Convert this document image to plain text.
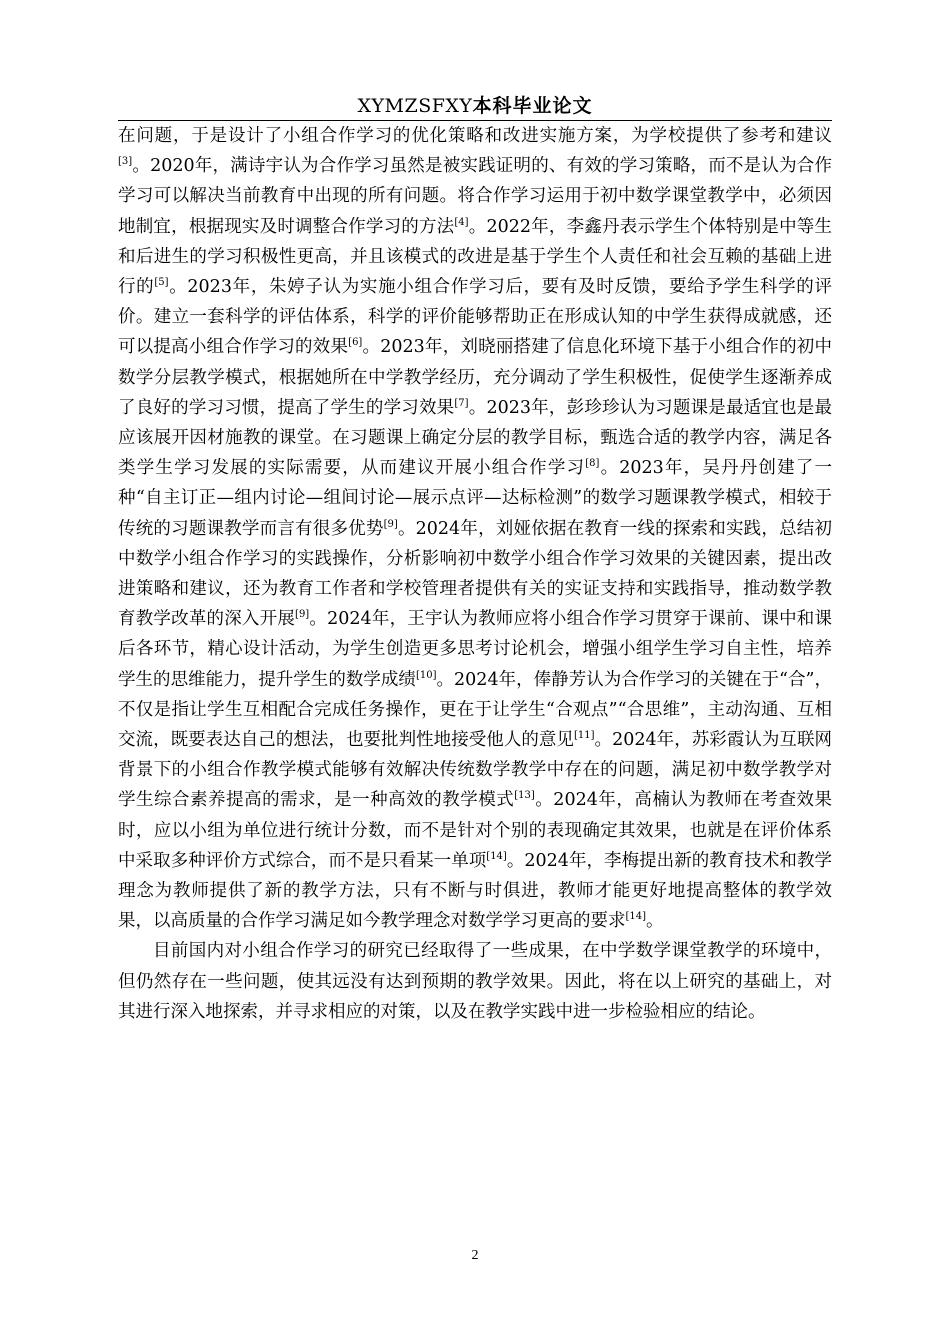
XYMZSFXY本科毕业论文

在问题，于是设计了小组合作学习的优化策略和改进实施方案，为学校提供了参考和建议[3]。2020年，满诗宇认为合作学习虽然是被实践证明的、有效的学习策略，而不是认为合作学习可以解决当前教育中出现的所有问题。将合作学习运用于初中数学课堂教学中，必须因地制宜，根据现实及时调整合作学习的方法[4]。2022年，李鑫丹表示学生个体特别是中等生和后进生的学习积极性更高，并且该模式的改进是基于学生个人责任和社会互赖的基础上进行的[5]。2023年，朱婷子认为实施小组合作学习后，要有及时反馈，要给予学生科学的评价。建立一套科学的评估体系，科学的评价能够帮助正在形成认知的中学生获得成就感，还可以提高小组合作学习的效果[6]。2023年，刘晓丽搭建了信息化环境下基于小组合作的初中数学分层教学模式，根据她所在中学教学经历，充分调动了学生积极性，促使学生逐渐养成了良好的学习习惯，提高了学生的学习效果[7]。2023年，彭珍珍认为习题课是最适宜也是最应该展开因材施教的课堂。在习题课上确定分层的教学目标，甄选合适的教学内容，满足各类学生学习发展的实际需要，从而建议开展小组合作学习[8]。2023年，吴丹丹创建了一种“自主订正—组内讨论—组间讨论—展示点评—达标检测”的数学习题课教学模式，相较于传统的习题课教学而言有很多优势[9]。2024年，刘娅依据在教育一线的探索和实践，总结初中数学小组合作学习的实践操作，分析影响初中数学小组合作学习效果的关键因素，提出改进策略和建议，还为教育工作者和学校管理者提供有关的实证支持和实践指导，推动数学教育教学改革的深入开展[9]。2024年，王宇认为教师应将小组合作学习贯穿于课前、课中和课后各环节，精心设计活动，为学生创造更多思考讨论机会，增强小组学生学习自主性，培养学生的思维能力，提升学生的数学成绩[10]。2024年，俸静芳认为合作学习的关键在于“合”，不仅是指让学生互相配合完成任务操作，更在于让学生“合观点”“合思维”，主动沟通、互相交流，既要表达自己的想法，也要批判性地接受他人的意见[11]。2024年，苏彩霞认为互联网背景下的小组合作教学模式能够有效解决传统数学教学中存在的问题，满足初中数学教学对学生综合素养提高的需求，是一种高效的教学模式[13]。2024年，高楠认为教师在考查效果时，应以小组为单位进行统计分数，而不是针对个别的表现确定其效果，也就是在评价体系中采取多种评价方式综合，而不是只看某一单项[14]。2024年，李梅提出新的教育技术和教学理念为教师提供了新的教学方法，只有不断与时俱进，教师才能更好地提高整体的教学效果，以高质量的合作学习满足如今教学理念对数学学习更高的要求[14]。

目前国内对小组合作学习的研究已经取得了一些成果，在中学数学课堂教学的环境中，但仍然存在一些问题，使其远没有达到预期的教学效果。因此，将在以上研究的基础上，对其进行深入地探索，并寻求相应的对策，以及在教学实践中进一步检验相应的结论。

2
